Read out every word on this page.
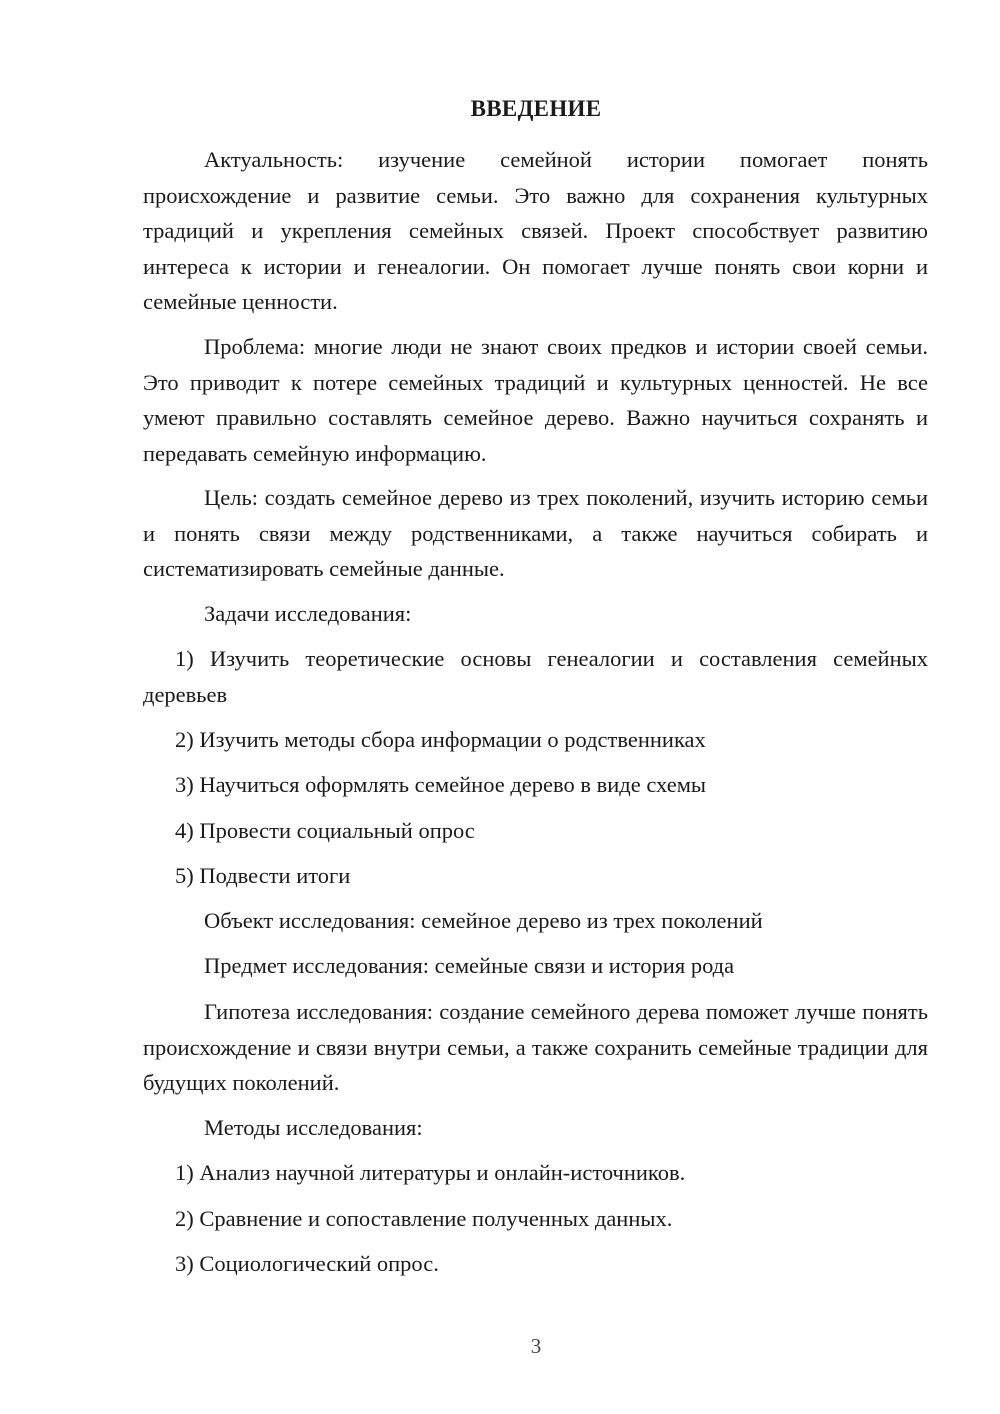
ВВЕДЕНИЕ
Актуальность: изучение семейной истории помогает понять происхождение и развитие семьи. Это важно для сохранения культурных традиций и укрепления семейных связей. Проект способствует развитию интереса к истории и генеалогии. Он помогает лучше понять свои корни и семейные ценности.
Проблема: многие люди не знают своих предков и истории своей семьи. Это приводит к потере семейных традиций и культурных ценностей. Не все умеют правильно составлять семейное дерево. Важно научиться сохранять и передавать семейную информацию.
Цель: создать семейное дерево из трех поколений, изучить историю семьи и понять связи между родственниками, а также научиться собирать и систематизировать семейные данные.
Задачи исследования:
1) Изучить теоретические основы генеалогии и составления семейных деревьев
2) Изучить методы сбора информации о родственниках
3) Научиться оформлять семейное дерево в виде схемы
4) Провести социальный опрос
5) Подвести итоги
Объект исследования: семейное дерево из трех поколений
Предмет исследования: семейные связи и история рода
Гипотеза исследования: создание семейного дерева поможет лучше понять происхождение и связи внутри семьи, а также сохранить семейные традиции для будущих поколений.
Методы исследования:
1) Анализ научной литературы и онлайн-источников.
2) Сравнение и сопоставление полученных данных.
3) Социологический опрос.
3
